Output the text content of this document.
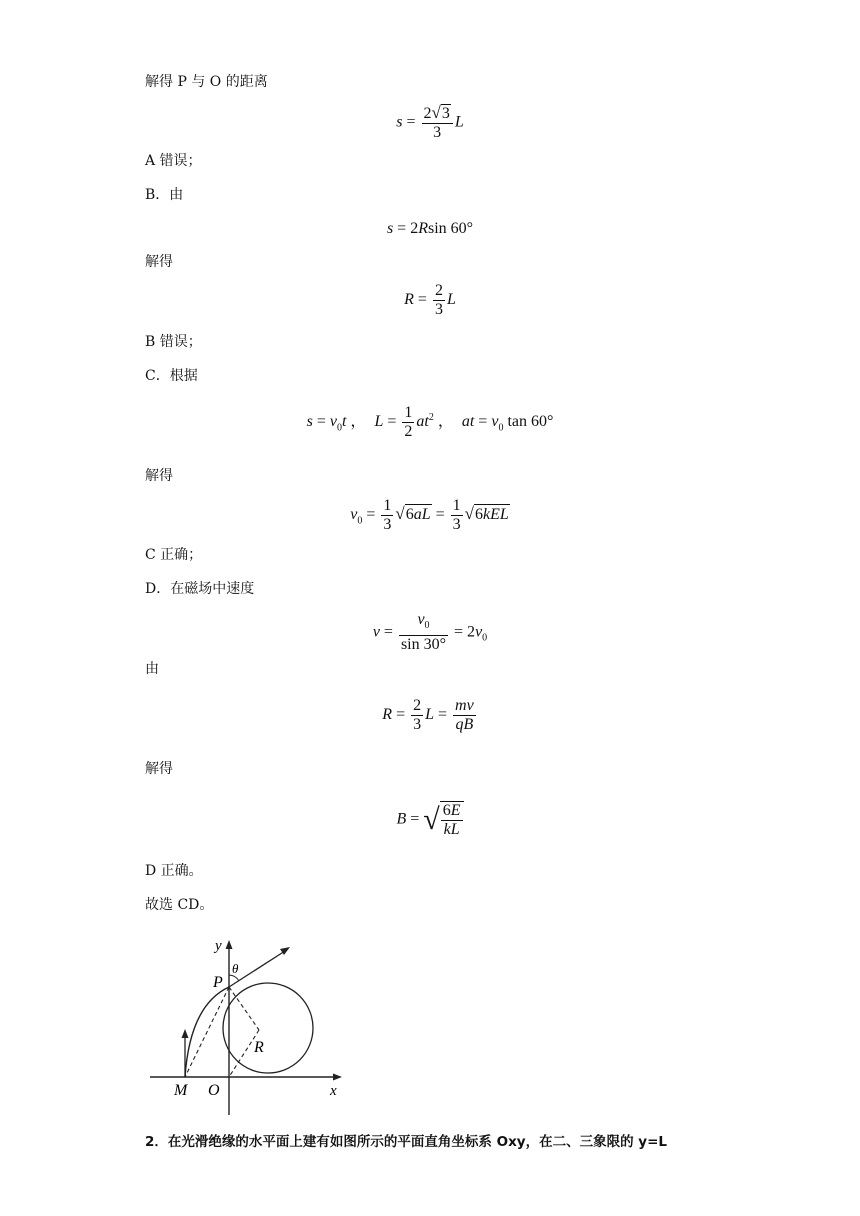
解得 P 与 O 的距离
$s = \frac{2√3}{3}$ L
A 错误；
B．由
s = 2Rsin 60°
解得
$R = \frac{2}{3}$ L
B 错误；
C．根据
$s = v_0t$ ，  $L = \frac{1}{2} at^2$ ，  at = $v_0$ tan 60°
解得
$v_0 = \frac{1}{3} √6aL = \frac{1}{3} √6kEL$
C 正确；
D．在磁场中速度
$v = \frac{v_0}{\sin 30^\circ} = 2v_0$
由
$R = \frac{2}{3}$ $L = \frac{mv}{qB}$
解得
B = √ $\frac{6E}{kL}$
D 正确。
故选 CD。
y
θ
P
R
M O	x
2．在光滑绝缘的水平面上建有如图所示的平面直角坐标系 Oxy，在二、三象限的 y=L
